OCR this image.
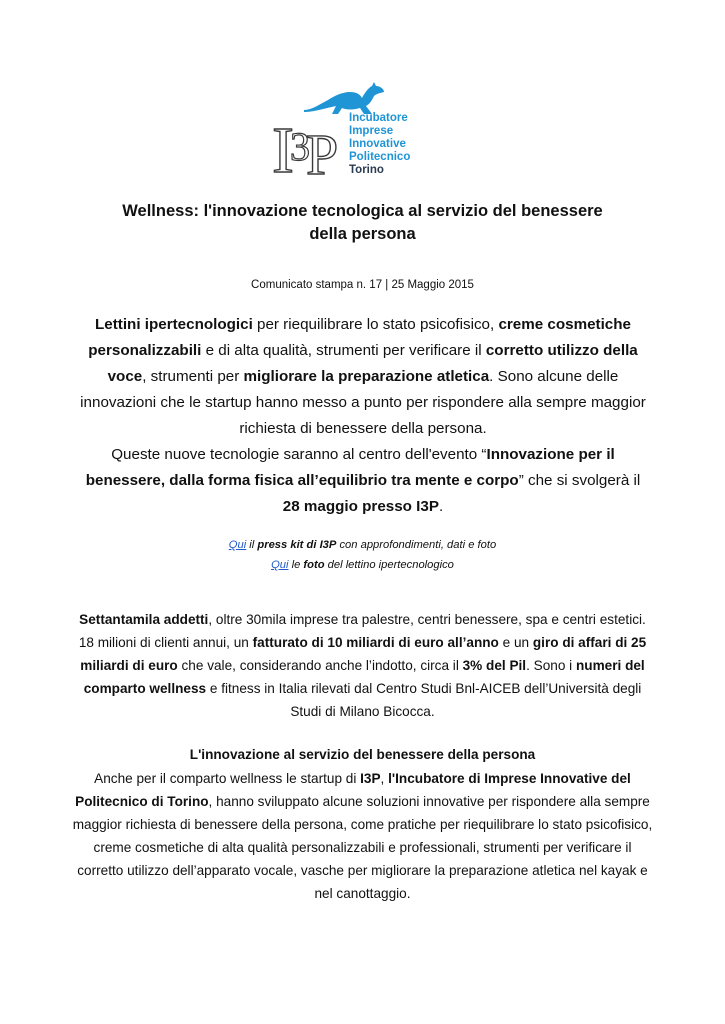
I
3
P
Incubatore
Imprese
Innovative
Politecnico
Torino
Wellness: l'innovazione tecnologica al servizio del benessere
della persona
Comunicato stampa n. 17 | 25 Maggio 2015
Lettini ipertecnologici per riequilibrare lo stato psicofisico, creme cosmetiche personalizzabili e di alta qualità, strumenti per verificare il corretto utilizzo della voce, strumenti per migliorare la preparazione atletica. Sono alcune delle innovazioni che le startup hanno messo a punto per rispondere alla sempre maggior richiesta di benessere della persona.
Queste nuove tecnologie saranno al centro dell'evento “Innovazione per il benessere, dalla forma fisica all’equilibrio tra mente e corpo” che si svolgerà il 28 maggio presso I3P.
Qui il press kit di I3P con approfondimenti, dati e foto
Qui le foto del lettino ipertecnologico
Settantamila addetti, oltre 30mila imprese tra palestre, centri benessere, spa e centri estetici. 18 milioni di clienti annui, un fatturato di 10 miliardi di euro all’anno e un giro di affari di 25 miliardi di euro che vale, considerando anche l’indotto, circa il 3% del Pil. Sono i numeri del comparto wellness e fitness in Italia rilevati dal Centro Studi Bnl-AICEB dell’Università degli Studi di Milano Bicocca.
L'innovazione al servizio del benessere della persona
Anche per il comparto wellness le startup di I3P, l'Incubatore di Imprese Innovative del Politecnico di Torino, hanno sviluppato alcune soluzioni innovative per rispondere alla sempre maggior richiesta di benessere della persona, come pratiche per riequilibrare lo stato psicofisico, creme cosmetiche di alta qualità personalizzabili e professionali, strumenti per verificare il corretto utilizzo dell’apparato vocale, vasche per migliorare la preparazione atletica nel kayak e nel canottaggio.
